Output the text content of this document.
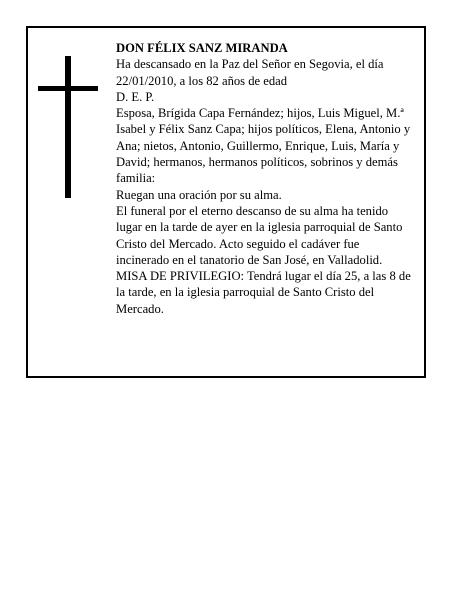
DON FÉLIX SANZ MIRANDA

Ha descansado en la Paz del Señor en Segovia, el día 22/01/2010, a los 82 años de edad

D. E. P.

Esposa, Brígida Capa Fernández; hijos, Luis Miguel, M.ª Isabel y Félix Sanz Capa; hijos políticos, Elena, Antonio y Ana; nietos, Antonio, Guillermo, Enrique, Luis, María y David; hermanos, hermanos políticos, sobrinos y demás familia:

Ruegan una oración por su alma.

El funeral por el eterno descanso de su alma ha tenido lugar en la tarde de ayer en la iglesia parroquial de Santo Cristo del Mercado. Acto seguido el cadáver fue incinerado en el tanatorio de San José, en Valladolid.

MISA DE PRIVILEGIO: Tendrá lugar el día 25, a las 8 de la tarde, en la iglesia parroquial de Santo Cristo del Mercado.
